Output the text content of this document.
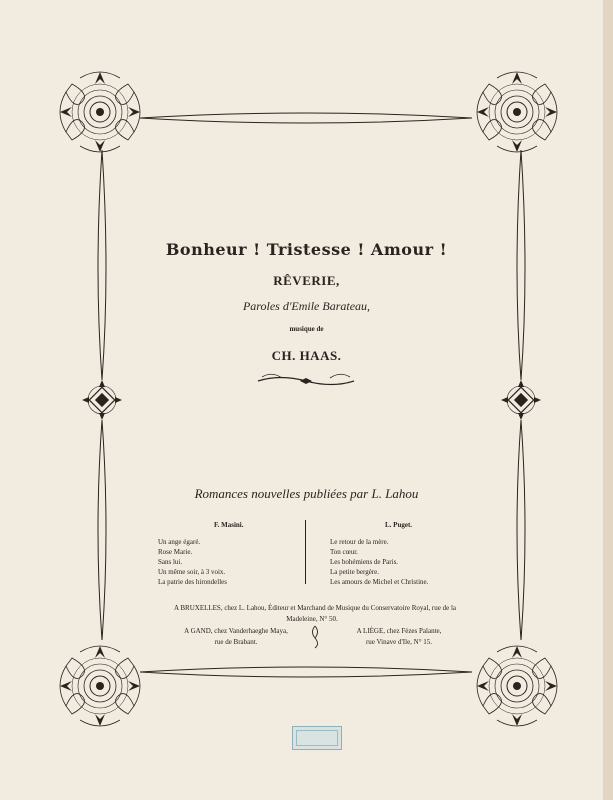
Bonheur ! Tristesse ! Amour !
RÊVERIE,
Paroles d'Emile Barateau,
musique de
CH. HAAS.
Romances nouvelles publiées par L. Lahou
F. Masini.
Un ange égaré.
Rose Marie.
Sans lui.
Un même soir, à 3 voix.
La patrie des hirondelles
L. Puget.
Le retour de la mère.
Ton cœur.
Les bohémiens de Paris.
La petite bergère.
Les amours de Michel et Christine.
A BRUXELLES, chez L. Lahou, Éditeur et Marchand de Musique du Conservatoire Royal, rue de la
Madeleine, N° 50.
A GAND, chez Vanderhaeghe Maya,
rue de Brabant.
A LIÈGE, chez Fèzes Palante,
rue Vinave d'Ile, N° 15.
